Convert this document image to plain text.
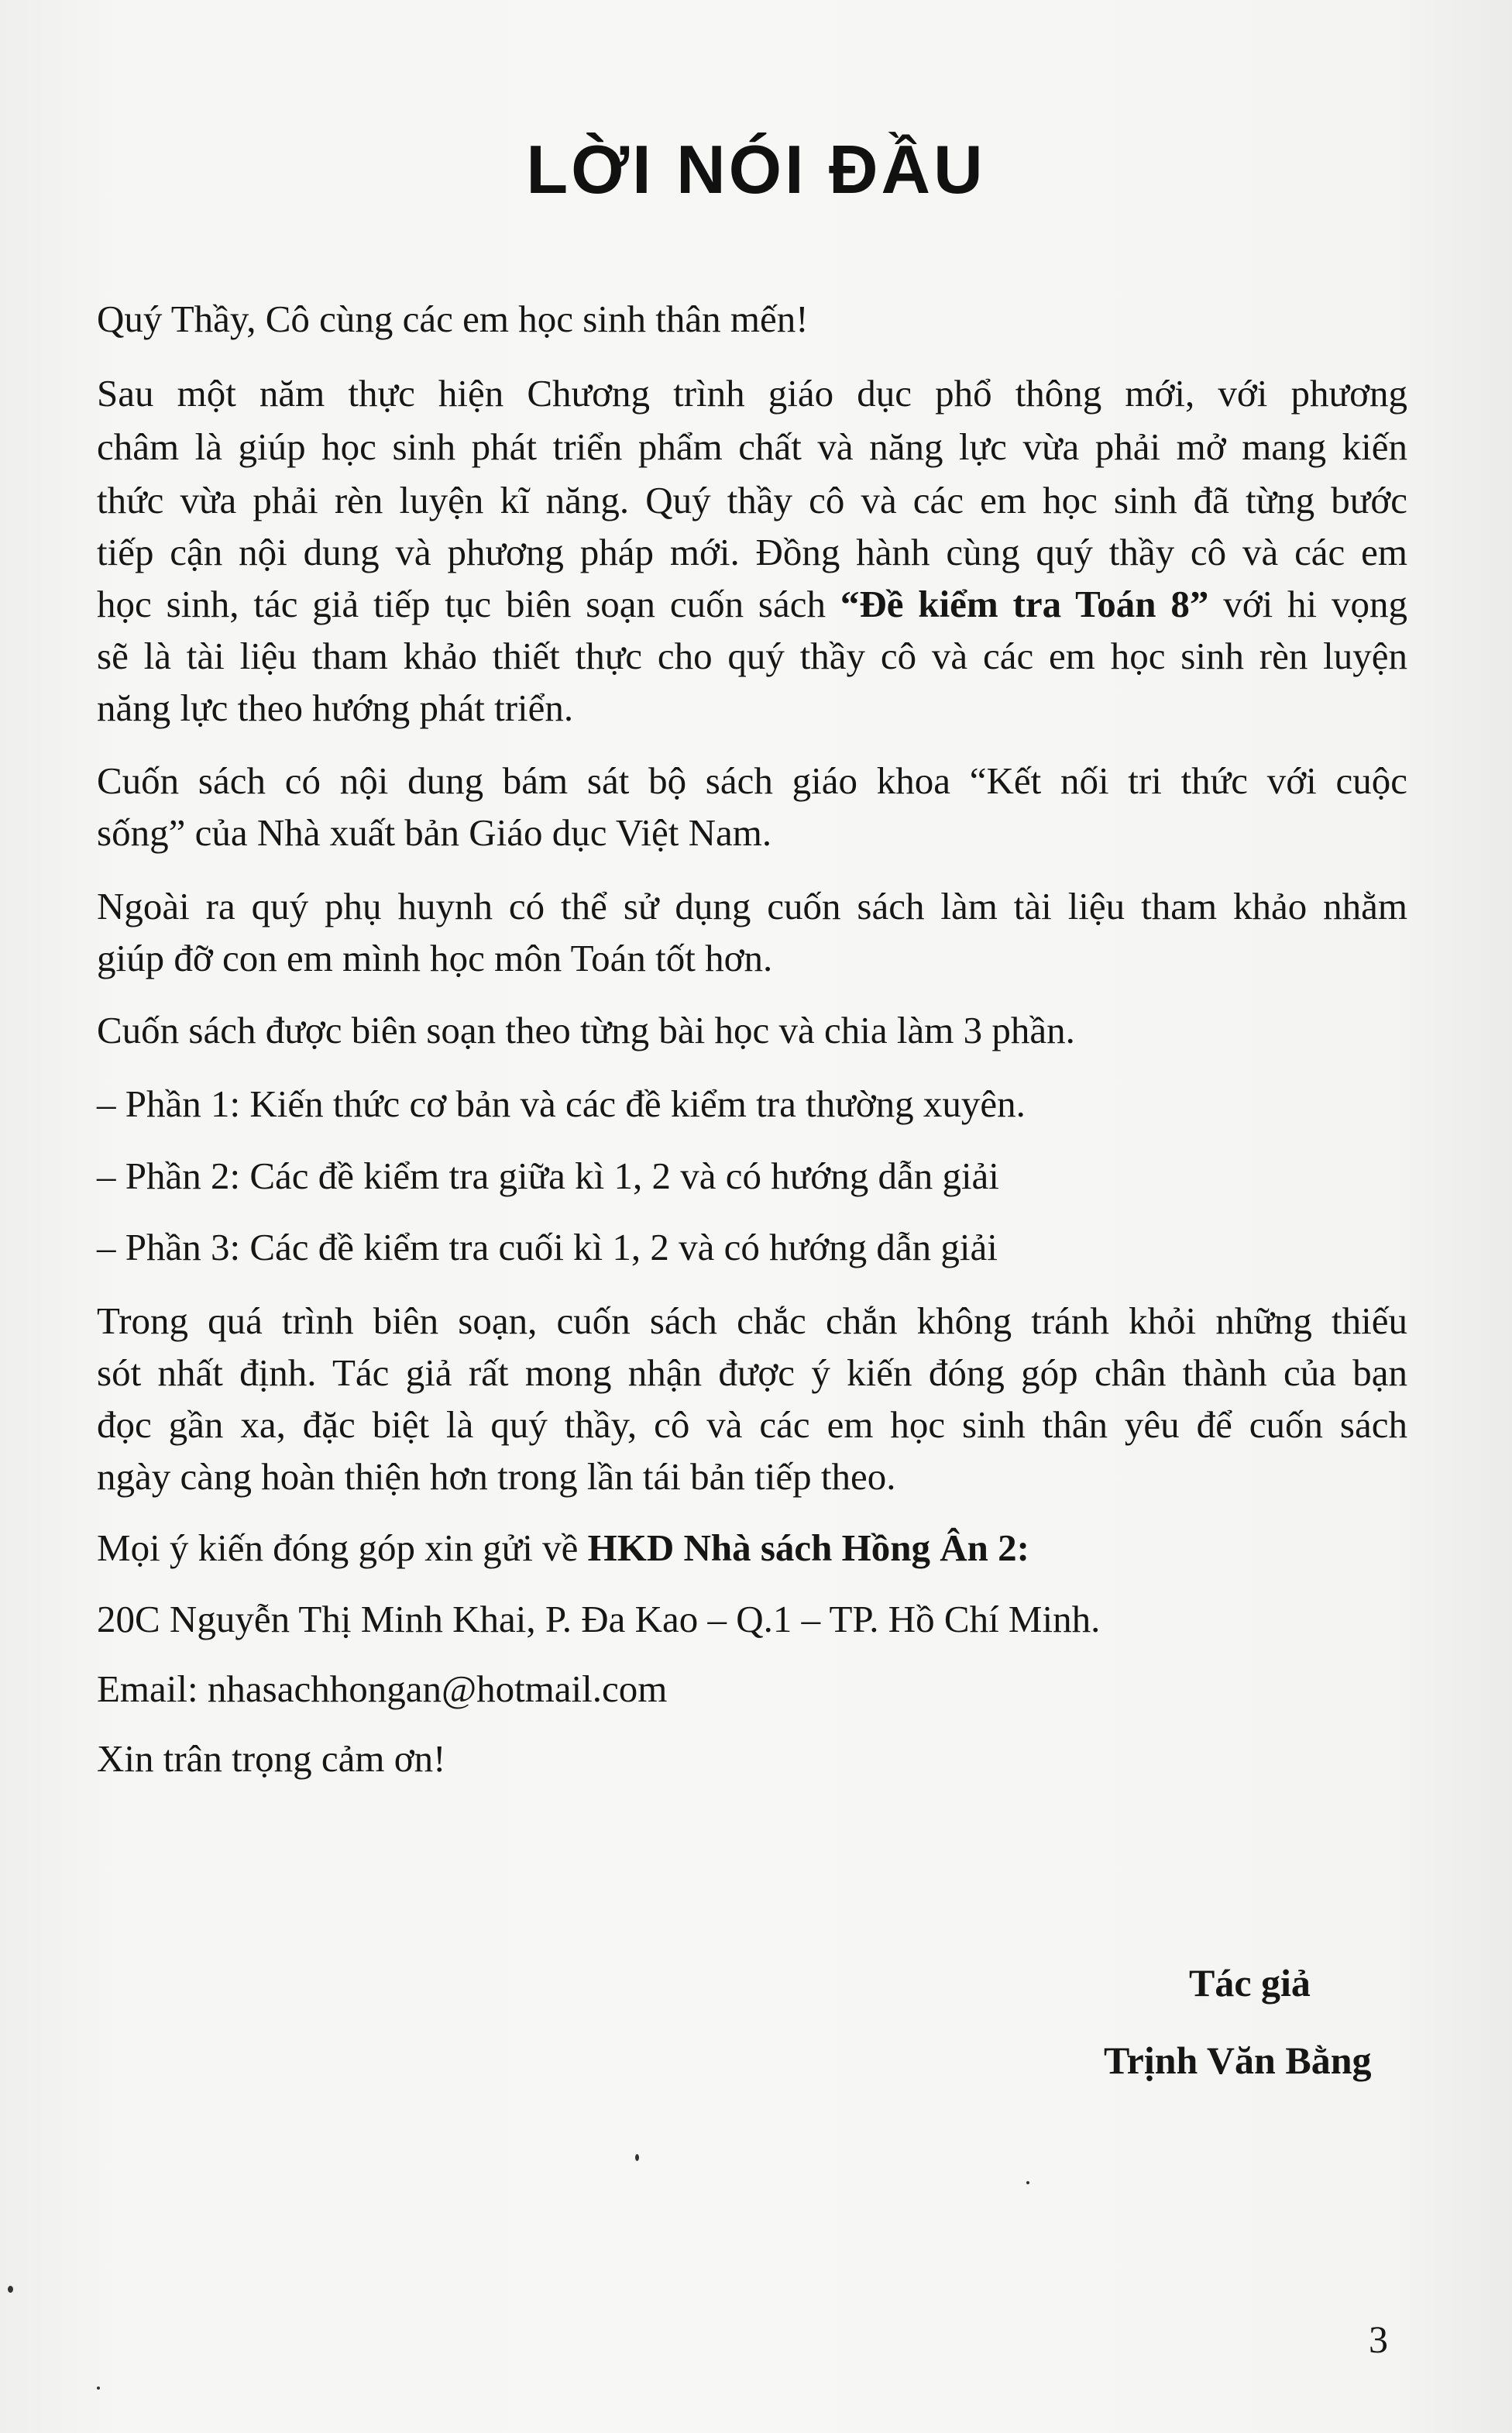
LỜI NÓI ĐẦU

Quý Thầy, Cô cùng các em học sinh thân mến!

Sau một năm thực hiện Chương trình giáo dục phổ thông mới, với phương

châm là giúp học sinh phát triển phẩm chất và năng lực vừa phải mở mang kiến

thức vừa phải rèn luyện kĩ năng. Quý thầy cô và các em học sinh đã từng bước

tiếp cận nội dung và phương pháp mới. Đồng hành cùng quý thầy cô và các em

học sinh, tác giả tiếp tục biên soạn cuốn sách “Đề kiểm tra Toán 8” với hi vọng

sẽ là tài liệu tham khảo thiết thực cho quý thầy cô và các em học sinh rèn luyện

năng lực theo hướng phát triển.

Cuốn sách có nội dung bám sát bộ sách giáo khoa “Kết nối tri thức với cuộc

sống” của Nhà xuất bản Giáo dục Việt Nam.

Ngoài ra quý phụ huynh có thể sử dụng cuốn sách làm tài liệu tham khảo nhằm

giúp đỡ con em mình học môn Toán tốt hơn.

Cuốn sách được biên soạn theo từng bài học và chia làm 3 phần.

– Phần 1: Kiến thức cơ bản và các đề kiểm tra thường xuyên.

– Phần 2: Các đề kiểm tra giữa kì 1, 2 và có hướng dẫn giải

– Phần 3: Các đề kiểm tra cuối kì 1, 2 và có hướng dẫn giải

Trong quá trình biên soạn, cuốn sách chắc chắn không tránh khỏi những thiếu

sót nhất định. Tác giả rất mong nhận được ý kiến đóng góp chân thành của bạn

đọc gần xa, đặc biệt là quý thầy, cô và các em học sinh thân yêu để cuốn sách

ngày càng hoàn thiện hơn trong lần tái bản tiếp theo.

Mọi ý kiến đóng góp xin gửi về HKD Nhà sách Hồng Ân 2:

20C Nguyễn Thị Minh Khai, P. Đa Kao – Q.1 – TP. Hồ Chí Minh.

Email: nhasachhongan@hotmail.com

Xin trân trọng cảm ơn!

Tác giả

Trịnh Văn Bằng

3
